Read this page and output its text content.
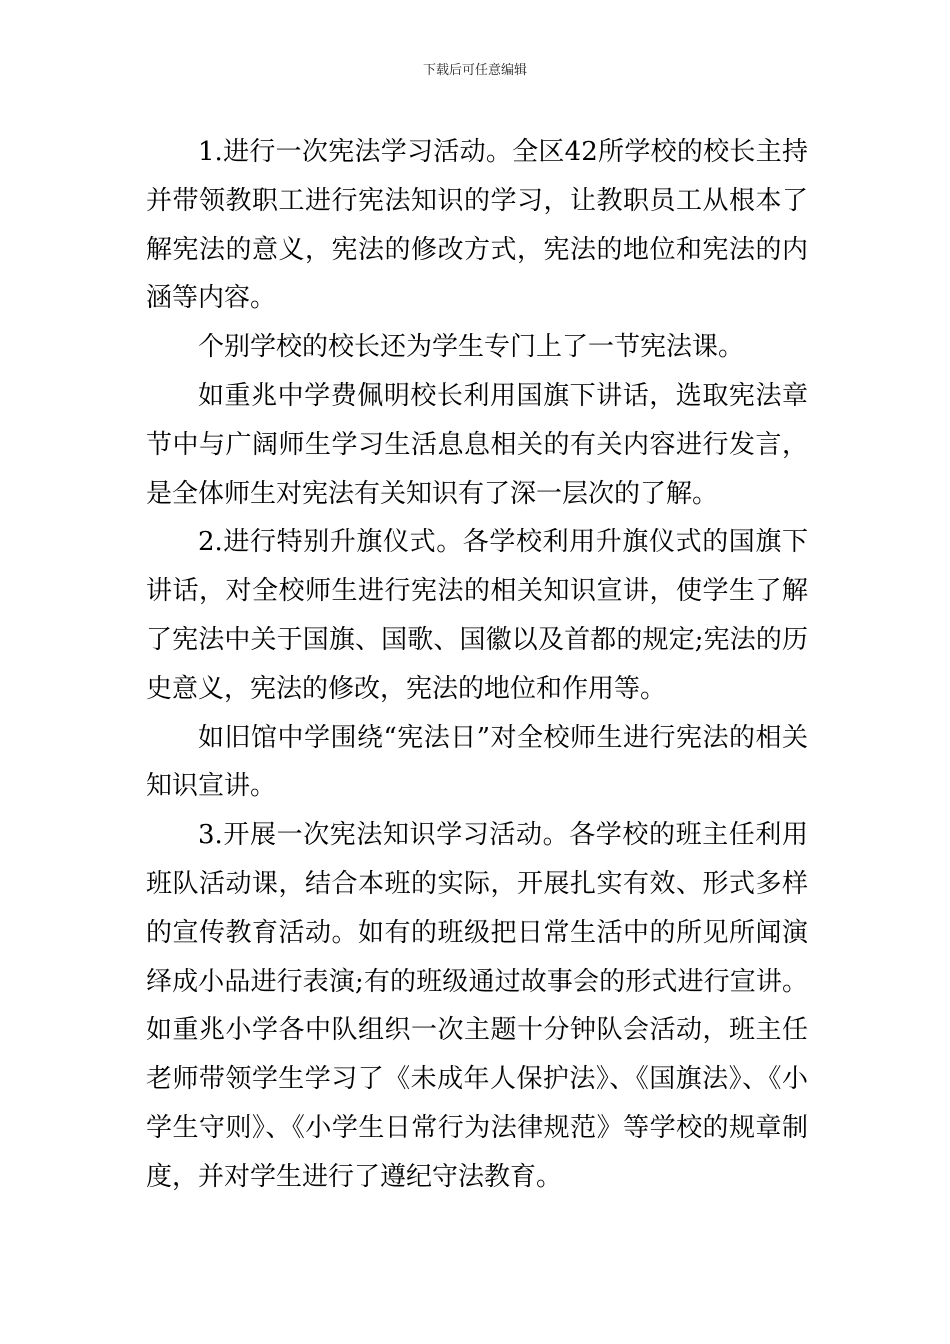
下载后可任意编辑

1.进行一次宪法学习活动。全区42所学校的校长主持并带领教职工进行宪法知识的学习，让教职员工从根本了解宪法的意义，宪法的修改方式，宪法的地位和宪法的内涵等内容。

个别学校的校长还为学生专门上了一节宪法课。

如重兆中学费佩明校长利用国旗下讲话，选取宪法章节中与广阔师生学习生活息息相关的有关内容进行发言，是全体师生对宪法有关知识有了深一层次的了解。

2.进行特别升旗仪式。各学校利用升旗仪式的国旗下讲话，对全校师生进行宪法的相关知识宣讲，使学生了解了宪法中关于国旗、国歌、国徽以及首都的规定;宪法的历史意义，宪法的修改，宪法的地位和作用等。

如旧馆中学围绕“宪法日”对全校师生进行宪法的相关知识宣讲。

3.开展一次宪法知识学习活动。各学校的班主任利用班队活动课，结合本班的实际，开展扎实有效、形式多样的宣传教育活动。如有的班级把日常生活中的所见所闻演绎成小品进行表演;有的班级通过故事会的形式进行宣讲。如重兆小学各中队组织一次主题十分钟队会活动，班主任老师带领学生学习了《未成年人保护法》、《国旗法》、《小学生守则》、《小学生日常行为法律规范》等学校的规章制度，并对学生进行了遵纪守法教育。
